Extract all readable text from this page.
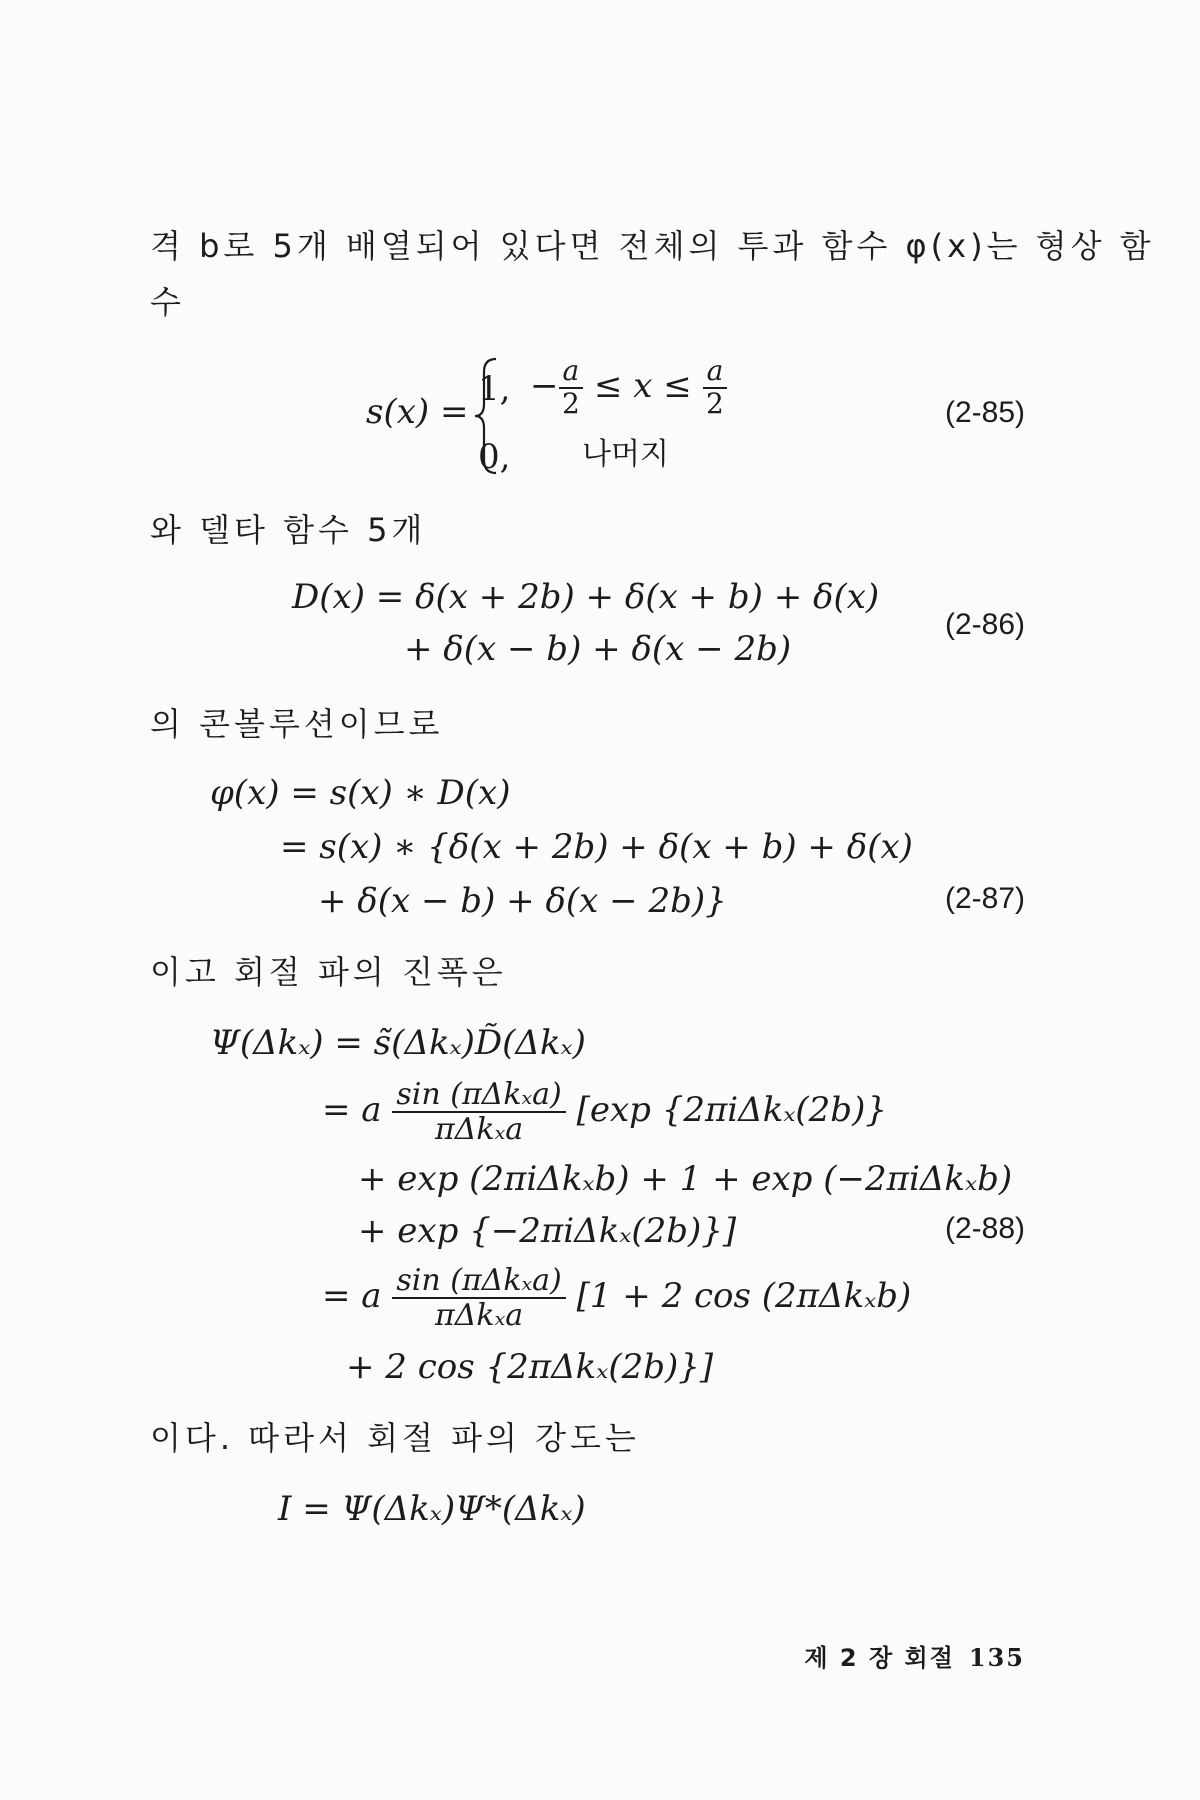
격 b로 5개 배열되어 있다면 전체의 투과 함수 φ(x)는 형상 함
수
s(x) =
1, − $\frac{a}{2} \le x \le \frac{a}{2}$
0, 나머지
(2-85)
와 델타 함수 5개
D(x) = δ(x + 2b) + δ(x + b) + δ(x)
+ δ(x − b) + δ(x − 2b)
(2-86)
의 콘볼루션이므로
φ(x) = s(x) ∗ D(x)
= s(x) ∗ {δ(x + 2b) + δ(x + b) + δ(x)
+ δ(x − b) + δ(x − 2b)}	(2-87)
이고 회절 파의 진폭은
Ψ(Δkₓ) = s̃(Δkₓ)D̃(Δkₓ)
= a $\frac{\text{sin (πΔkₓa)}}{\text{πΔkₓa}} [\exp$ {2πiΔkₓ(2b)}
+ exp (2πiΔkₓb) + 1 + exp (−2πiΔkₓb)
+ exp {−2πiΔkₓ(2b)}]	(2-88)
= a $\frac{\text{sin (πΔkₓa)}}{\text{πΔkₓa}} [1 + 2$ cos (2πΔkₓb)
+ 2 cos {2πΔkₓ(2b)}]
이다. 따라서 회절 파의 강도는
I = Ψ(Δkₓ)Ψ*(Δkₓ)
제 2 장 회절 135
